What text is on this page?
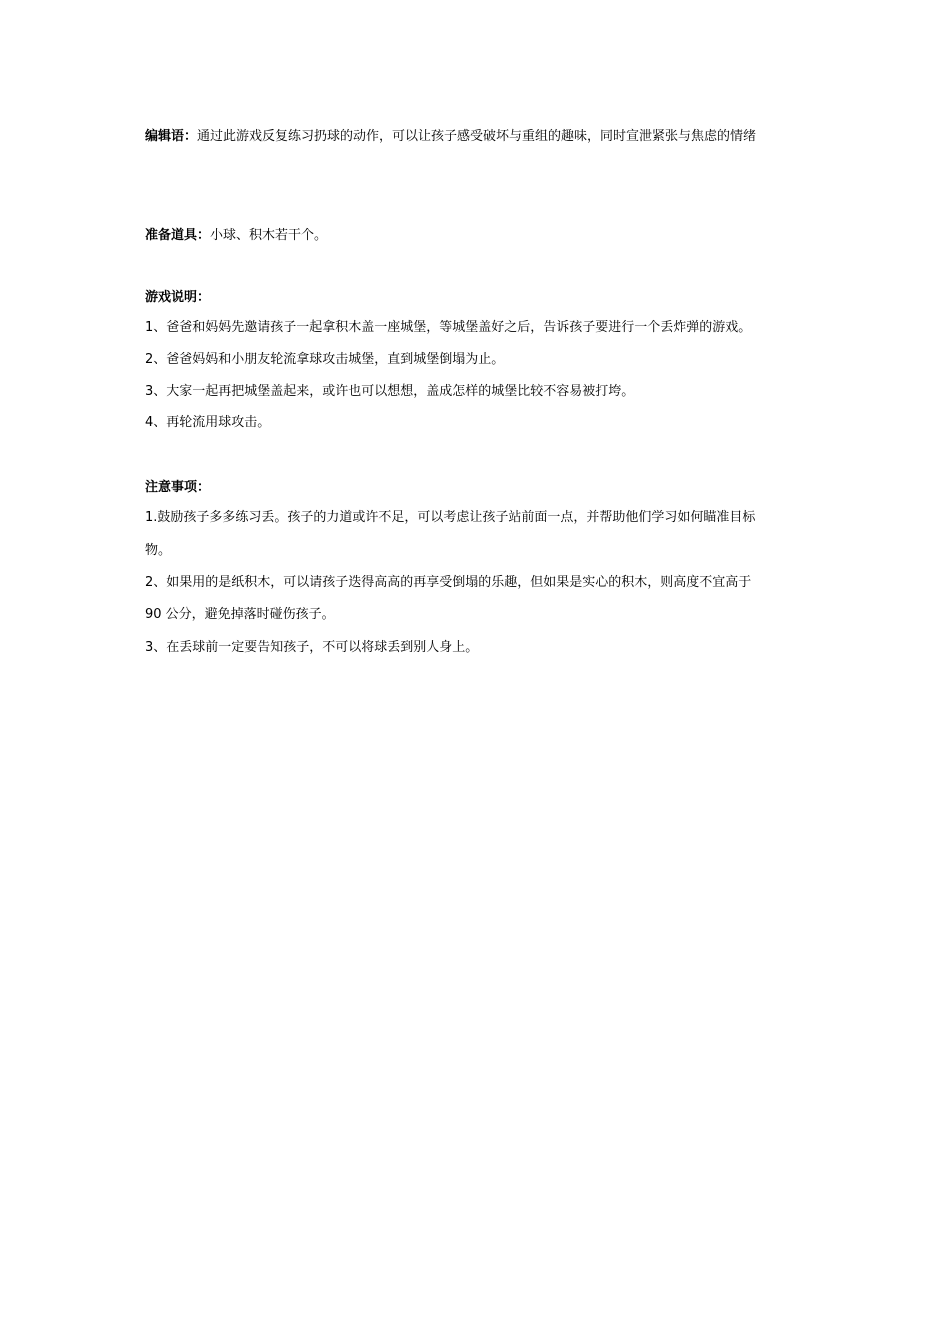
编辑语：通过此游戏反复练习扔球的动作，可以让孩子感受破坏与重组的趣味，同时宣泄紧张与焦虑的情绪
准备道具：小球、积木若干个。
游戏说明：
1、爸爸和妈妈先邀请孩子一起拿积木盖一座城堡，等城堡盖好之后，告诉孩子要进行一个丢炸弹的游戏。
2、爸爸妈妈和小朋友轮流拿球攻击城堡，直到城堡倒塌为止。
3、大家一起再把城堡盖起来，或许也可以想想，盖成怎样的城堡比较不容易被打垮。
4、再轮流用球攻击。
注意事项：
1.鼓励孩子多多练习丢。孩子的力道或许不足，可以考虑让孩子站前面一点，并帮助他们学习如何瞄准目标
物。
2、如果用的是纸积木，可以请孩子迭得高高的再享受倒塌的乐趣，但如果是实心的积木，则高度不宜高于
90 公分，避免掉落时碰伤孩子。
3、在丢球前一定要告知孩子，不可以将球丢到别人身上。
